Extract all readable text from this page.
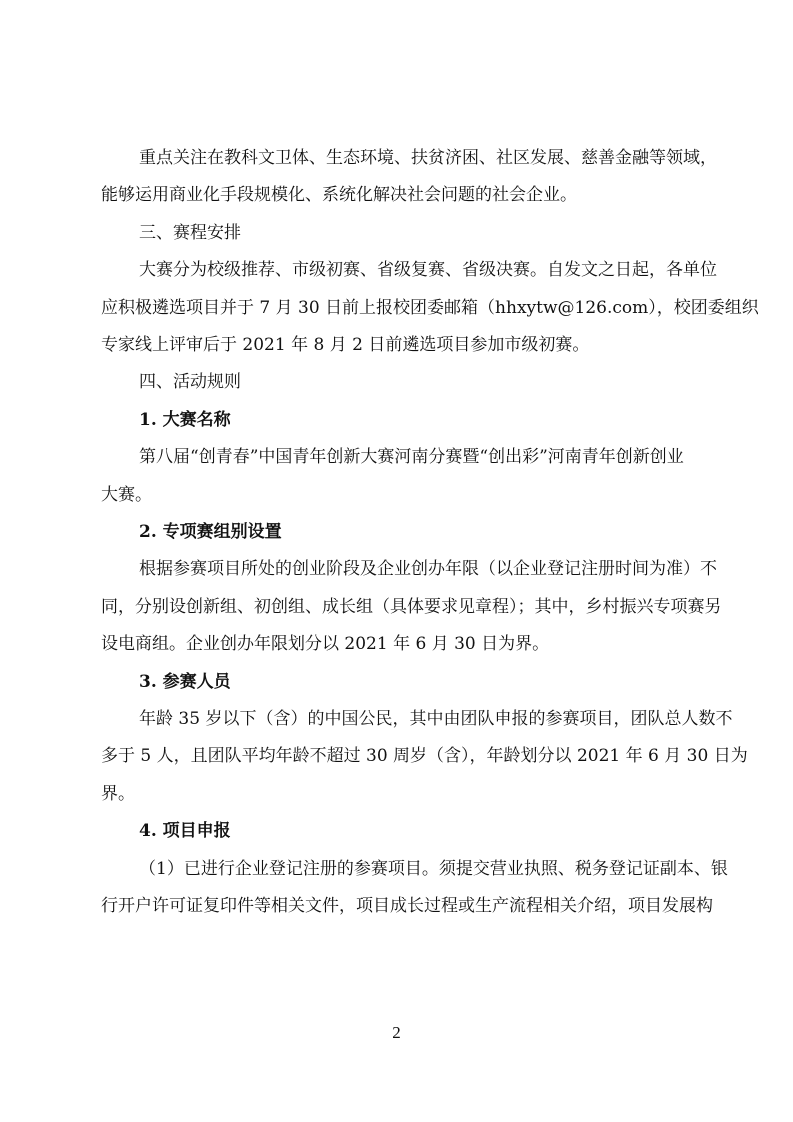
重点关注在教科文卫体、生态环境、扶贫济困、社区发展、慈善金融等领域，
能够运用商业化手段规模化、系统化解决社会问题的社会企业。
三、赛程安排
大赛分为校级推荐、市级初赛、省级复赛、省级决赛。自发文之日起，各单位
应积极遴选项目并于 7 月 30 日前上报校团委邮箱（hhxytw@126.com），校团委组织
专家线上评审后于 2021 年 8 月 2 日前遴选项目参加市级初赛。
四、活动规则
1. 大赛名称
第八届“创青春”中国青年创新大赛河南分赛暨“创出彩”河南青年创新创业
大赛。
2. 专项赛组别设置
根据参赛项目所处的创业阶段及企业创办年限（以企业登记注册时间为准）不
同，分别设创新组、初创组、成长组（具体要求见章程）；其中，乡村振兴专项赛另
设电商组。企业创办年限划分以 2021 年 6 月 30 日为界。
3. 参赛人员
年龄 35 岁以下（含）的中国公民，其中由团队申报的参赛项目，团队总人数不
多于 5 人，且团队平均年龄不超过 30 周岁（含），年龄划分以 2021 年 6 月 30 日为
界。
4. 项目申报
（1）已进行企业登记注册的参赛项目。须提交营业执照、税务登记证副本、银
行开户许可证复印件等相关文件，项目成长过程或生产流程相关介绍，项目发展构
2
